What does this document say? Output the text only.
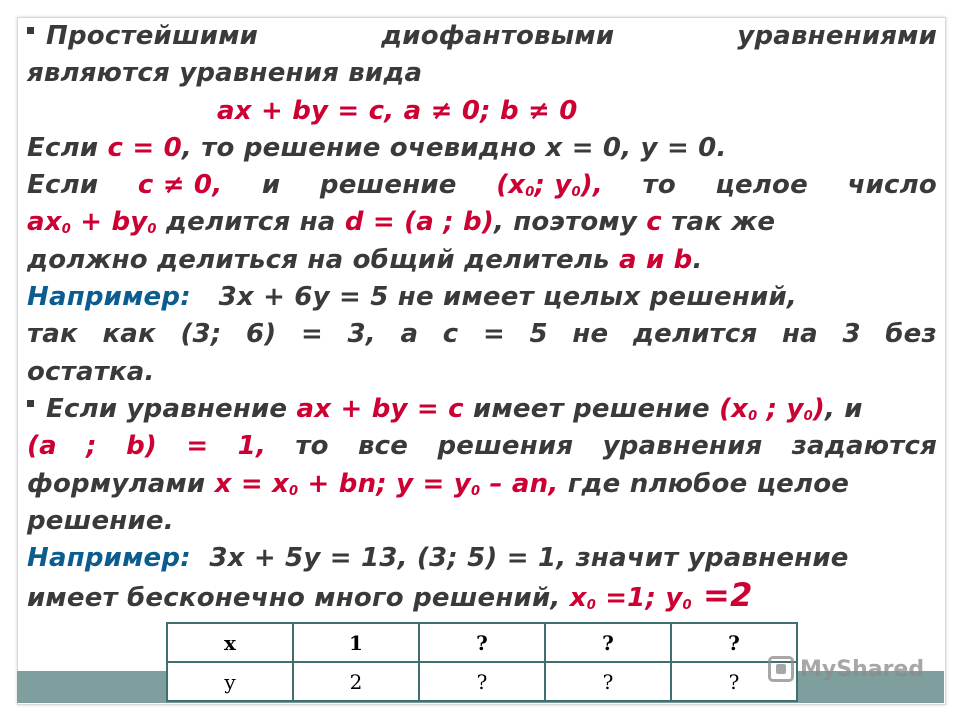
Простейшими	диофантовыми	уравнениями
являются уравнения вида
ax + by = c, a ≠ 0; b ≠ 0
Если c = 0, то решение очевидно x = 0, y = 0.
Если c ≠ 0, и решение ($x_0$; $y_0$), то целое число
$ax_0 + by_0$ делится на d = (a ; b), поэтому c так же
должно делиться на общий делитель a и b.
Например: 3x + 6y = 5 не имеет целых решений,
так как (3; 6) = 3, а с = 5 не делится на 3 без
остатка.
Если уравнение ax + by = c имеет решение ($x_0$ ; $y_0$), и
(a ; b) = 1, то все решения уравнения задаются
формулами $x = x_0$ + bn; $y = y_0$ – an, где nлюбое целое
решение.
Например: 3x + 5y = 13, (3; 5) = 1, значит уравнение
имеет бесконечно много решений, $x_0 =1$; $y_0 =2$
x	1	?	?	?
y	2	?	?	?	MyShared
